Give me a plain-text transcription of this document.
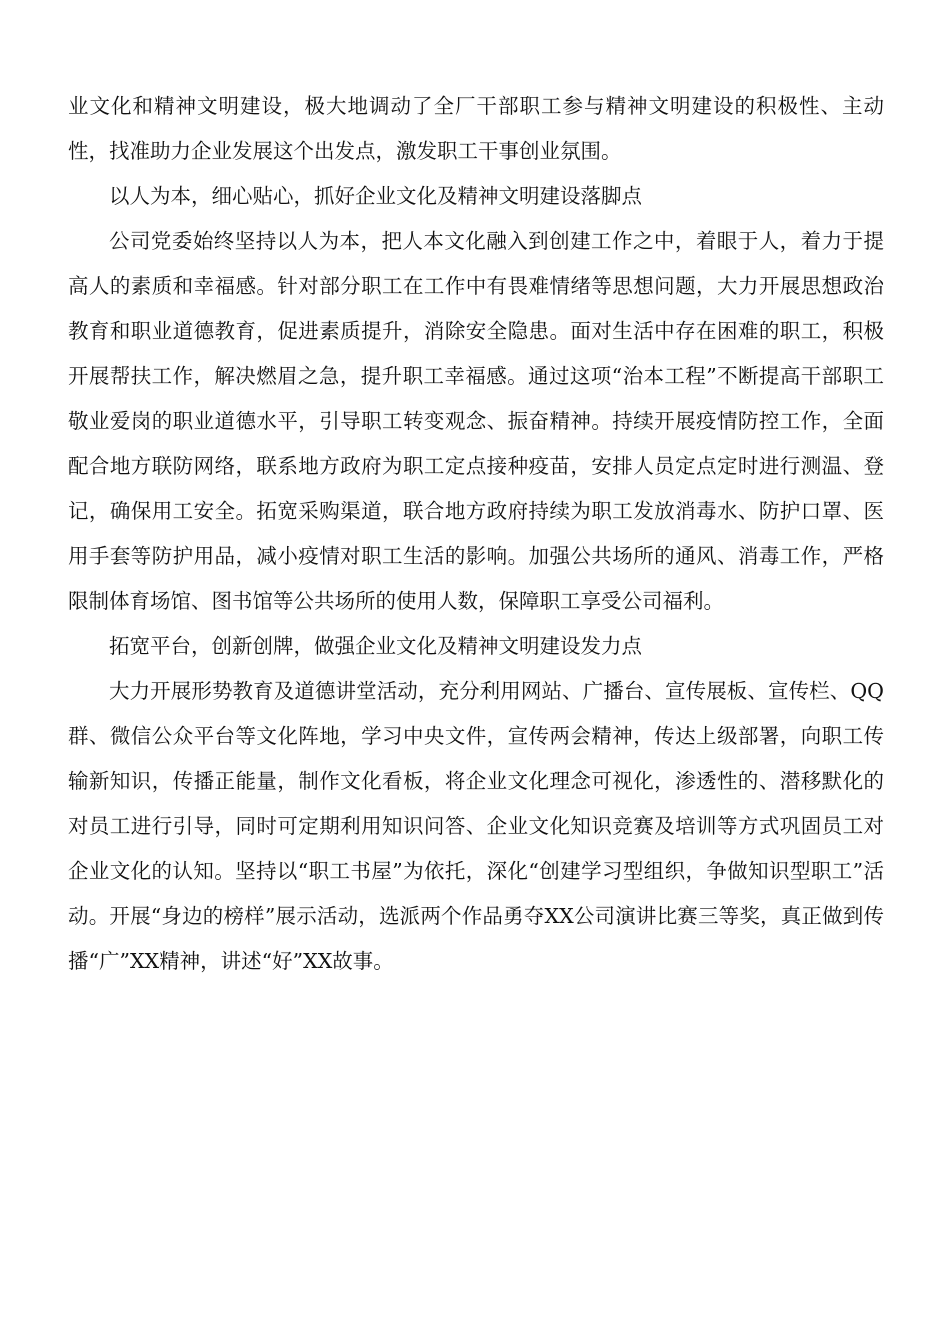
业文化和精神文明建设，极大地调动了全厂干部职工参与精神文明建设的积极性、主动性，找准助力企业发展这个出发点，激发职工干事创业氛围。

以人为本，细心贴心，抓好企业文化及精神文明建设落脚点

公司党委始终坚持以人为本，把人本文化融入到创建工作之中，着眼于人，着力于提高人的素质和幸福感。针对部分职工在工作中有畏难情绪等思想问题，大力开展思想政治教育和职业道德教育，促进素质提升，消除安全隐患。面对生活中存在困难的职工，积极开展帮扶工作，解决燃眉之急，提升职工幸福感。通过这项“治本工程”不断提高干部职工敬业爱岗的职业道德水平，引导职工转变观念、振奋精神。持续开展疫情防控工作，全面配合地方联防网络，联系地方政府为职工定点接种疫苗，安排人员定点定时进行测温、登记，确保用工安全。拓宽采购渠道，联合地方政府持续为职工发放消毒水、防护口罩、医用手套等防护用品，减小疫情对职工生活的影响。加强公共场所的通风、消毒工作，严格限制体育场馆、图书馆等公共场所的使用人数，保障职工享受公司福利。

拓宽平台，创新创牌，做强企业文化及精神文明建设发力点

大力开展形势教育及道德讲堂活动，充分利用网站、广播台、宣传展板、宣传栏、QQ群、微信公众平台等文化阵地，学习中央文件，宣传两会精神，传达上级部署，向职工传输新知识，传播正能量，制作文化看板，将企业文化理念可视化，渗透性的、潜移默化的对员工进行引导，同时可定期利用知识问答、企业文化知识竞赛及培训等方式巩固员工对企业文化的认知。坚持以“职工书屋”为依托，深化“创建学习型组织，争做知识型职工”活动。开展“身边的榜样”展示活动，选派两个作品勇夺XX公司演讲比赛三等奖，真正做到传播“广”XX精神，讲述“好”XX故事。
